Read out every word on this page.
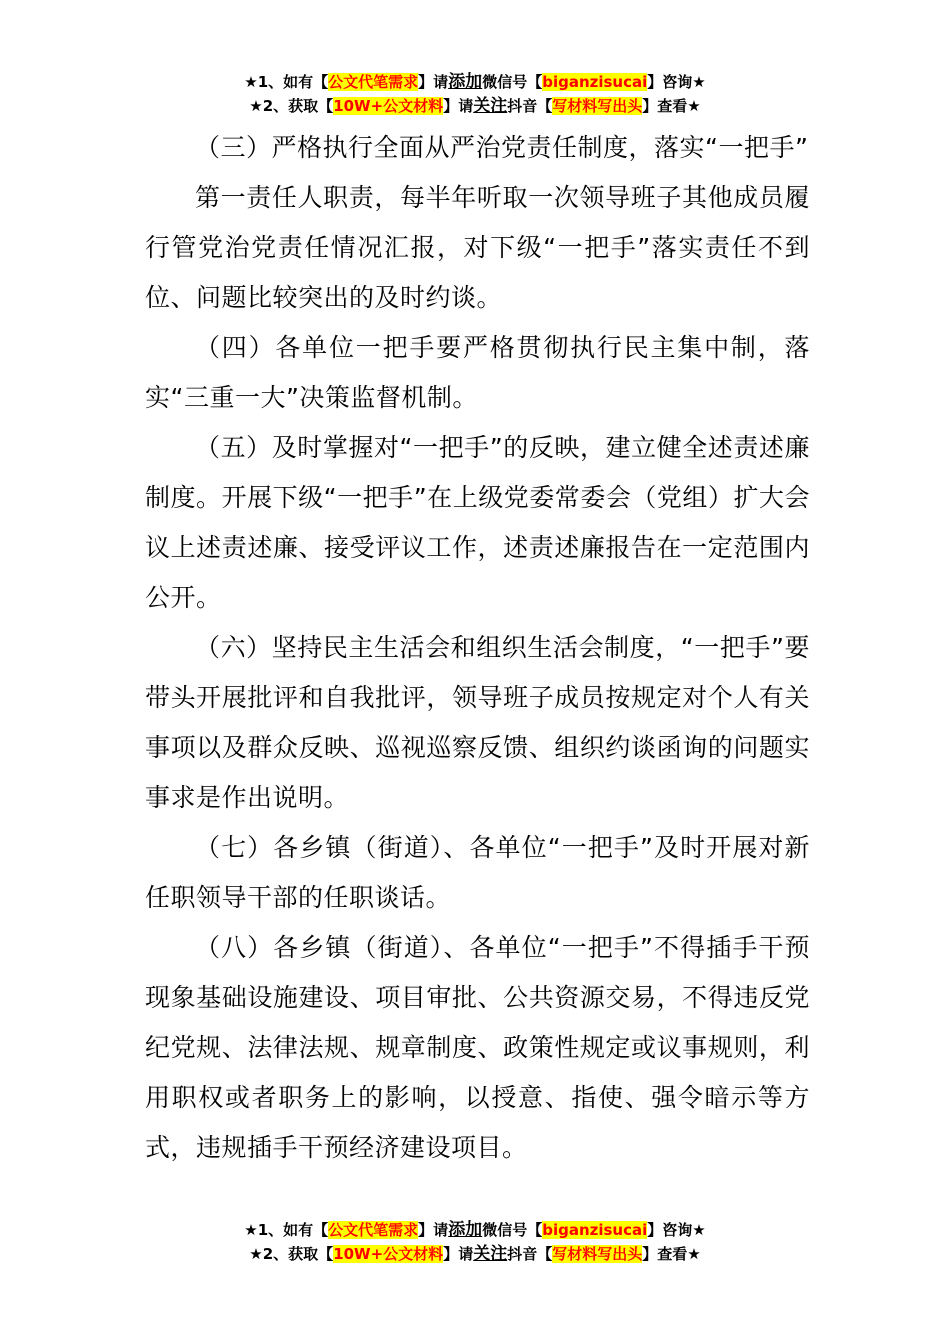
★1、如有【公文代笔需求】请添加微信号【biganzisucai】咨询★
★2、获取【10W+公文材料】请关注抖音【写材料写出头】查看★

（三）严格执行全面从严治党责任制度，落实“一把手”

第一责任人职责，每半年听取一次领导班子其他成员履行管党治党责任情况汇报，对下级“一把手”落实责任不到位、问题比较突出的及时约谈。

（四）各单位一把手要严格贯彻执行民主集中制，落实“三重一大”决策监督机制。

（五）及时掌握对“一把手”的反映，建立健全述责述廉制度。开展下级“一把手”在上级党委常委会（党组）扩大会议上述责述廉、接受评议工作，述责述廉报告在一定范围内公开。

（六）坚持民主生活会和组织生活会制度，“一把手”要带头开展批评和自我批评，领导班子成员按规定对个人有关事项以及群众反映、巡视巡察反馈、组织约谈函询的问题实事求是作出说明。

（七）各乡镇（街道）、各单位“一把手”及时开展对新任职领导干部的任职谈话。

（八）各乡镇（街道）、各单位“一把手”不得插手干预现象基础设施建设、项目审批、公共资源交易，不得违反党纪党规、法律法规、规章制度、政策性规定或议事规则，利用职权或者职务上的影响，以授意、指使、强令暗示等方式，违规插手干预经济建设项目。

★1、如有【公文代笔需求】请添加微信号【biganzisucai】咨询★
★2、获取【10W+公文材料】请关注抖音【写材料写出头】查看★
